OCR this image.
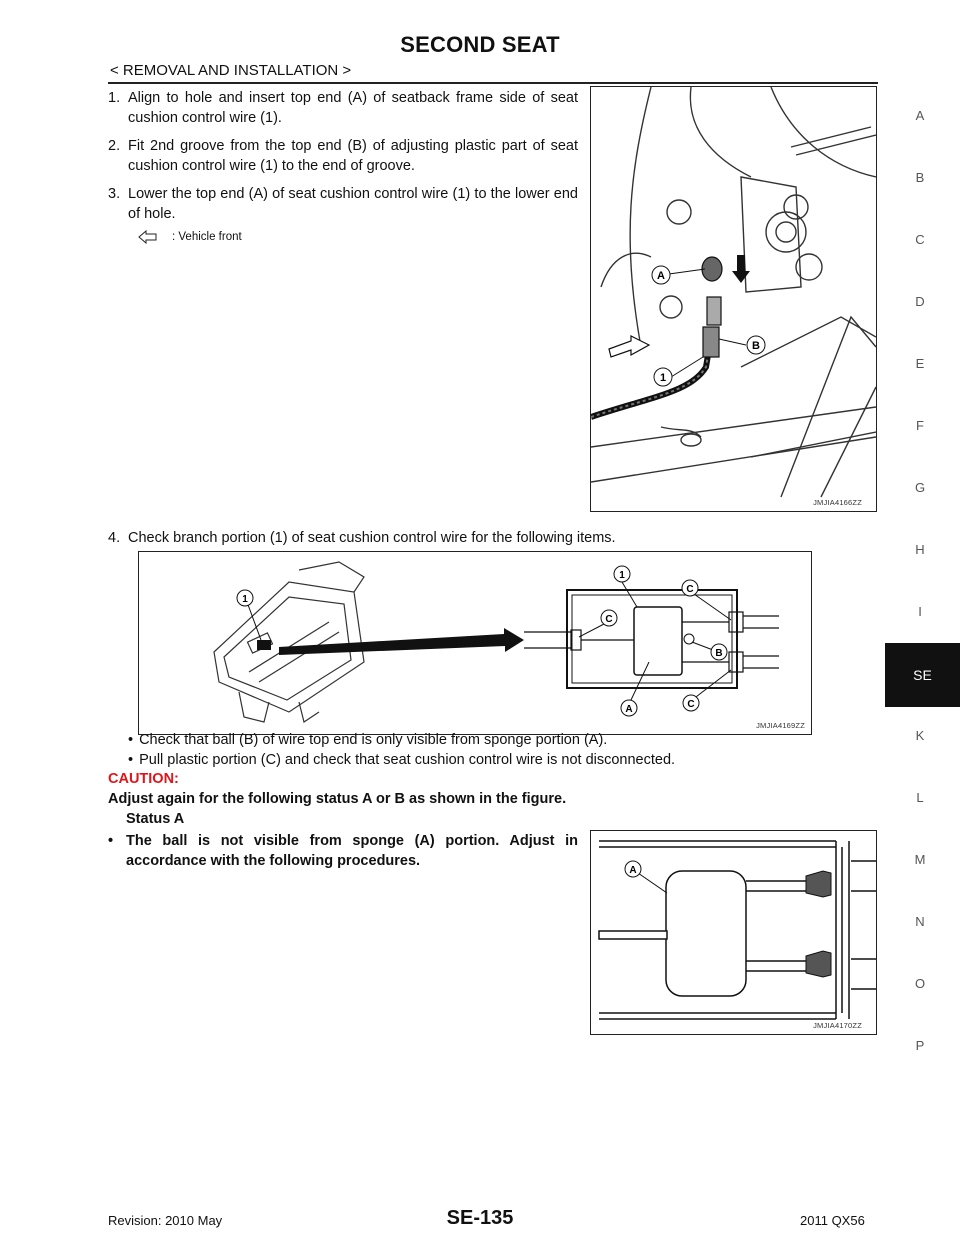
SECOND SEAT
< REMOVAL AND INSTALLATION >
1. Align to hole and insert top end (A) of seatback frame side of seat cushion control wire (1).
2. Fit 2nd groove from the top end (B) of adjusting plastic part of seat cushion control wire (1) to the end of groove.
3. Lower the top end (A) of seat cushion control wire (1) to the lower end of hole.
: Vehicle front
A
B
1
JMJIA4166ZZ
4. Check branch portion (1) of seat cushion control wire for the following items.
1
1
C
C
B
A	C
JMJIA4169ZZ
• Check that ball (B) of wire top end is only visible from sponge portion (A).
• Pull plastic portion (C) and check that seat cushion control wire is not disconnected.
CAUTION:
Adjust again for the following status A or B as shown in the figure.
Status A
• The ball is not visible from sponge (A) portion. Adjust in accordance with the following procedures.
A
JMJIA4170ZZ
A
B
C
D
E
F
G
H
I
SE
K
L
M
N
O
P
SE-135
Revision: 2010 May	2011 QX56
